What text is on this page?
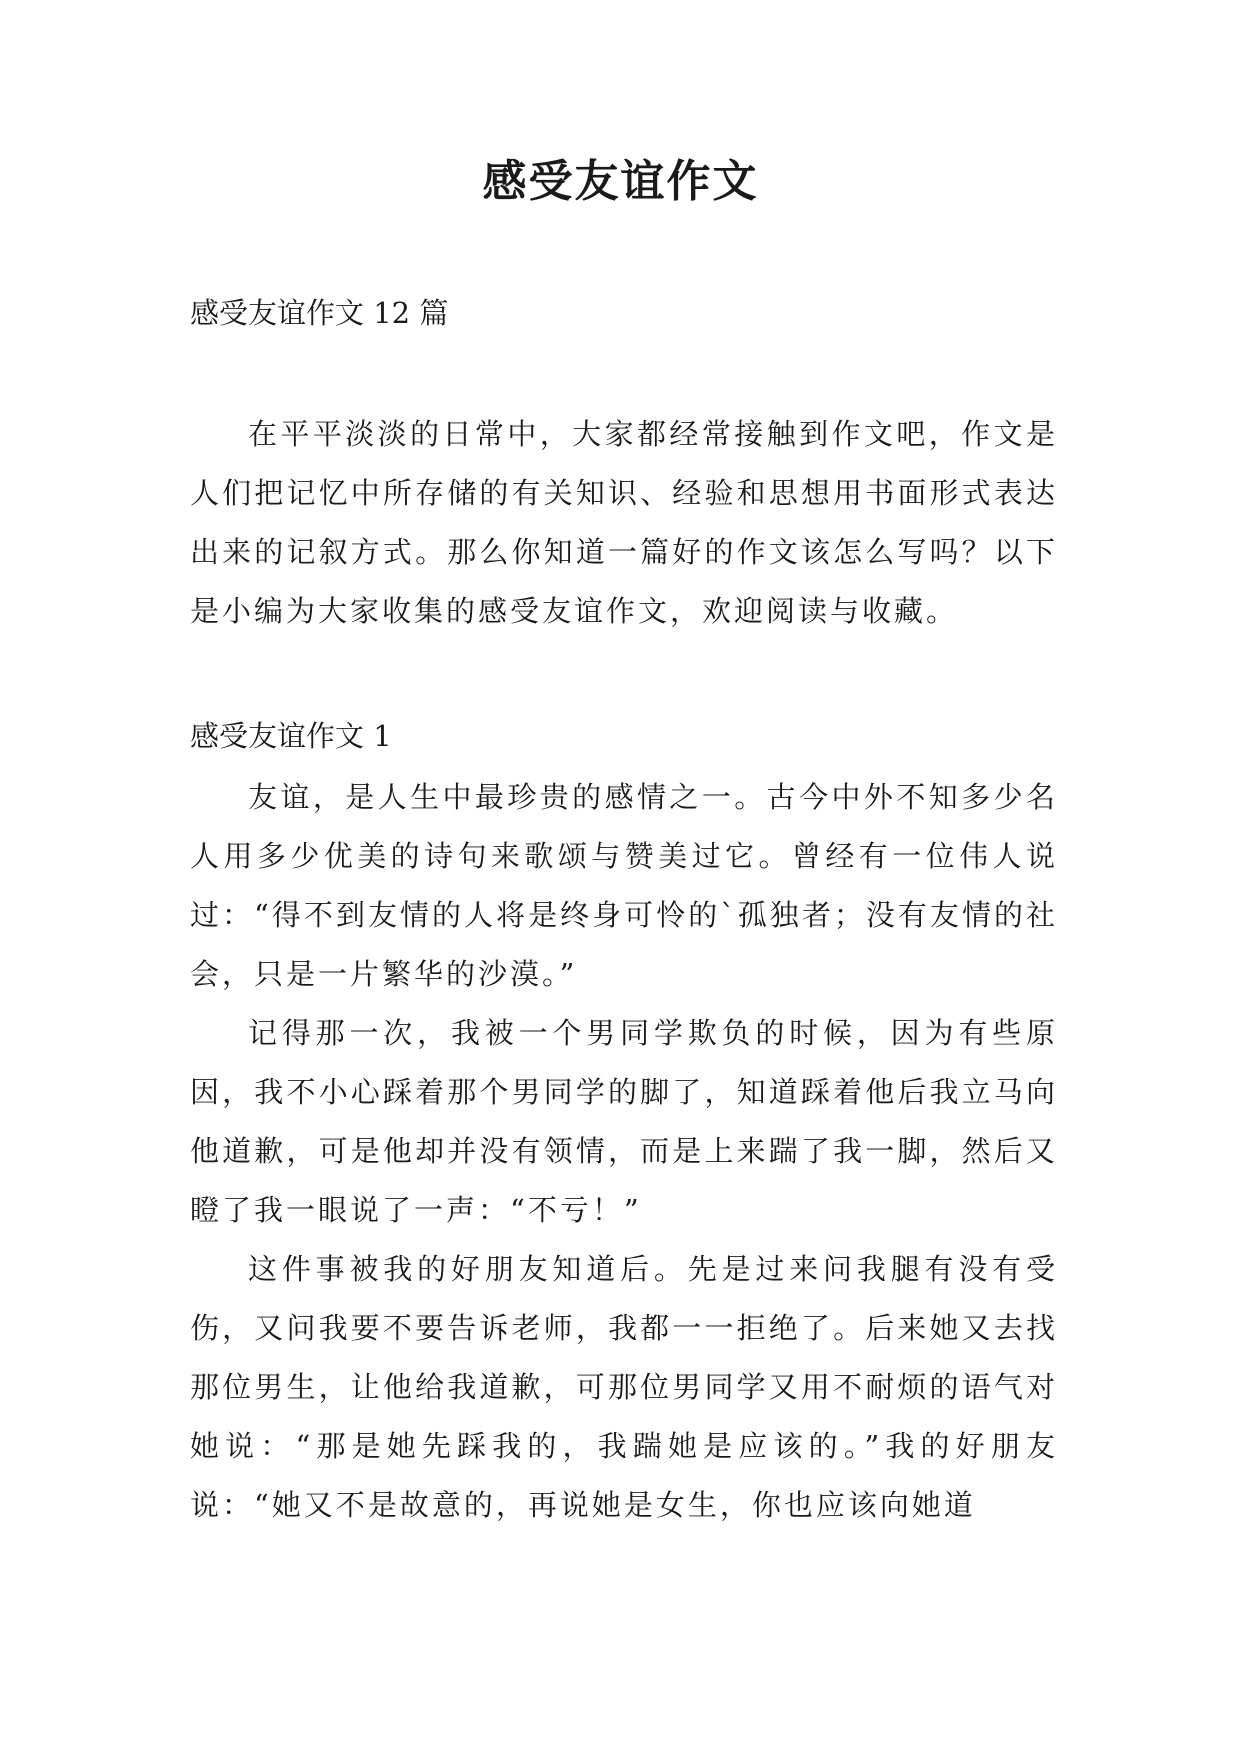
感受友谊作文

感受友谊作文 12 篇

在平平淡淡的日常中，大家都经常接触到作文吧，作文是人们把记忆中所存储的有关知识、经验和思想用书面形式表达出来的记叙方式。那么你知道一篇好的作文该怎么写吗？以下是小编为大家收集的感受友谊作文，欢迎阅读与收藏。

感受友谊作文 1

友谊，是人生中最珍贵的感情之一。古今中外不知多少名人用多少优美的诗句来歌颂与赞美过它。曾经有一位伟人说过：“得不到友情的人将是终身可怜的`孤独者；没有友情的社会，只是一片繁华的沙漠。”

记得那一次，我被一个男同学欺负的时候，因为有些原因，我不小心踩着那个男同学的脚了，知道踩着他后我立马向他道歉，可是他却并没有领情，而是上来踹了我一脚，然后又瞪了我一眼说了一声：“不亏！”

这件事被我的好朋友知道后。先是过来问我腿有没有受伤，又问我要不要告诉老师，我都一一拒绝了。后来她又去找那位男生，让他给我道歉，可那位男同学又用不耐烦的语气对她说：“那是她先踩我的，我踹她是应该的。”我的好朋友说：“她又不是故意的，再说她是女生，你也应该向她道
